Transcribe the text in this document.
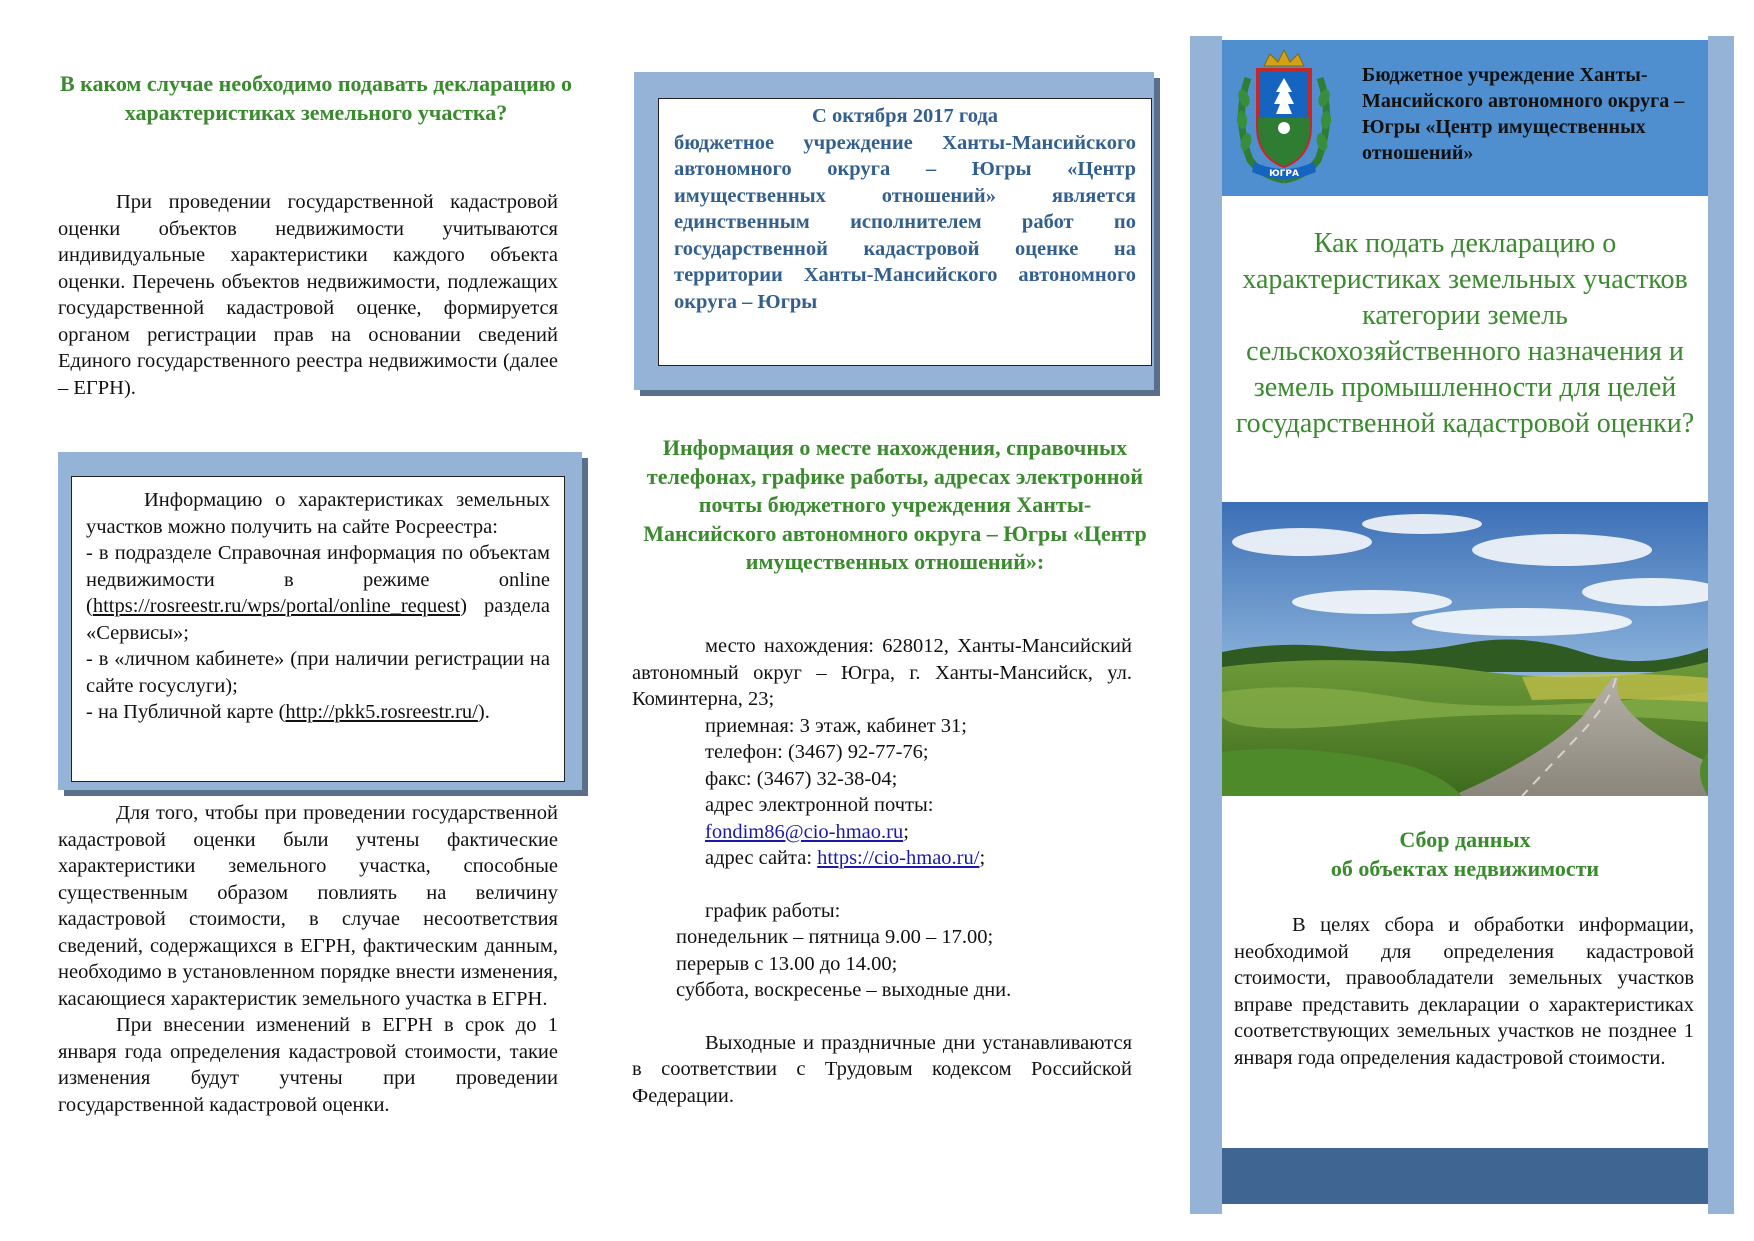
В каком случае необходимо подавать декларацию о характеристиках земельного участка?

При проведении государственной кадастровой оценки объектов недвижимости учитываются индивидуальные характеристики каждого объекта оценки. Перечень объектов недвижимости, подлежащих государственной кадастровой оценке, формируется органом регистрации прав на основании сведений Единого государственного реестра недвижимости (далее – ЕГРН).

Информацию о характеристиках земельных участков можно получить на сайте Росреестра:

- в подразделе Справочная информация по объектам недвижимости в режиме online (https://rosreestr.ru/wps/portal/online_request) раздела «Сервисы»;

- в «личном кабинете» (при наличии регистрации на сайте госуслуги);

- на Публичной карте (http://pkk5.rosreestr.ru/).

Для того, чтобы при проведении государственной кадастровой оценки были учтены фактические характеристики земельного участка, способные существенным образом повлиять на величину кадастровой стоимости, в случае несоответствия сведений, содержащихся в ЕГРН, фактическим данным, необходимо в установленном порядке внести изменения, касающиеся характеристик земельного участка в ЕГРН.

При внесении изменений в ЕГРН в срок до 1 января года определения кадастровой стоимости, такие изменения будут учтены при проведении государственной кадастровой оценки.

С октября 2017 года

бюджетное учреждение Ханты-Мансийского автономного округа – Югры «Центр имущественных отношений» является единственным исполнителем работ по государственной кадастровой оценке на территории Ханты-Мансийского автономного округа – Югры

Информация о месте нахождения, справочных телефонах, графике работы, адресах электронной почты бюджетного учреждения Ханты-Мансийского автономного округа – Югры «Центр имущественных отношений»:

место нахождения: 628012, Ханты-Мансийский автономный округ – Югра, г. Ханты-Мансийск, ул. Коминтерна, 23;

приемная: 3 этаж, кабинет 31;

телефон: (3467) 92-77-76;

факс: (3467) 32-38-04;

адрес электронной почты:

fondim86@cio-hmao.ru;

адрес сайта: https://cio-hmao.ru/;

график работы:

понедельник – пятница 9.00 – 17.00;

перерыв с 13.00 до 14.00;

суббота, воскресенье – выходные дни.

Выходные и праздничные дни устанавливаются в соответствии с Трудовым кодексом Российской Федерации.

ЮГРА
Бюджетное учреждение Ханты-Мансийского автономного округа – Югры «Центр имущественных отношений»
Как подать декларацию о характеристиках земельных участков категории земель сельскохозяйственного назначения и земель промышленности для целей государственной кадастровой оценки?

Сбор данных

об объектах недвижимости

В целях сбора и обработки информации, необходимой для определения кадастровой стоимости, правообладатели земельных участков вправе представить декларации о характеристиках соответствующих земельных участков не позднее 1 января года определения кадастровой стоимости.
